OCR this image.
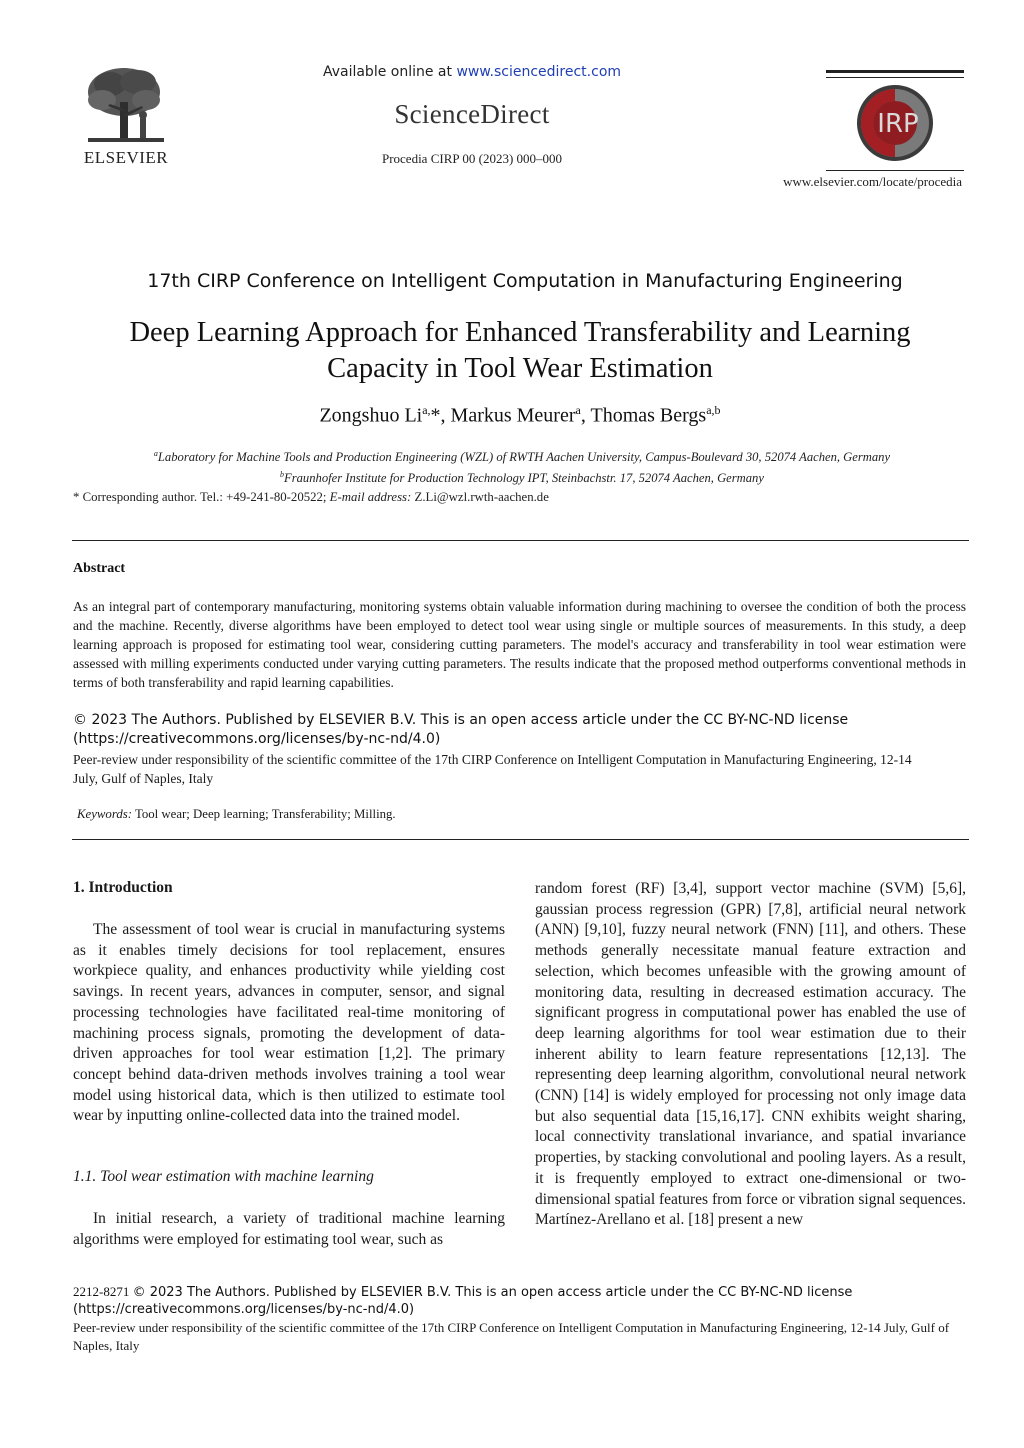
ELSEVIER
Available online at www.sciencedirect.com
ScienceDirect
Procedia CIRP 00 (2023) 000–000
IRP
www.elsevier.com/locate/procedia
17th CIRP Conference on Intelligent Computation in Manufacturing Engineering
Deep Learning Approach for Enhanced Transferability and Learning
Capacity in Tool Wear Estimation
Zongshuo $Li^{a,}*$, Markus Meurer$^a$, Thomas Bergs$^{a,b}$
$^a$Laboratory for Machine Tools and Production Engineering (WZL) of RWTH Aachen University, Campus-Boulevard 30, 52074 Aachen, Germany
$^b$Fraunhofer Institute for Production Technology IPT, Steinbachstr. 17, 52074 Aachen, Germany
* Corresponding author. Tel.: +49-241-80-20522; E-mail address: Z.Li@wzl.rwth-aachen.de
Abstract

As an integral part of contemporary manufacturing, monitoring systems obtain valuable information during machining to oversee the condition of both the process and the machine. Recently, diverse algorithms have been employed to detect tool wear using single or multiple sources of measurements. In this study, a deep learning approach is proposed for estimating tool wear, considering cutting parameters. The model's accuracy and transferability in tool wear estimation were assessed with milling experiments conducted under varying cutting parameters. The results indicate that the proposed method outperforms conventional methods in terms of both transferability and rapid learning capabilities.

© 2023 The Authors. Published by ELSEVIER B.V. This is an open access article under the CC BY-NC-ND license
(https://creativecommons.org/licenses/by-nc-nd/4.0)

Peer-review under responsibility of the scientific committee of the 17th CIRP Conference on Intelligent Computation in Manufacturing Engineering, 12-14 July, Gulf of Naples, Italy

Keywords: Tool wear; Deep learning; Transferability; Milling.
1. Introduction

The assessment of tool wear is crucial in manufacturing systems as it enables timely decisions for tool replacement, ensures workpiece quality, and enhances productivity while yielding cost savings. In recent years, advances in computer, sensor, and signal processing technologies have facilitated real-time monitoring of machining process signals, promoting the development of data-driven approaches for tool wear estimation [1,2]. The primary concept behind data-driven methods involves training a tool wear model using historical data, which is then utilized to estimate tool wear by inputting online-collected data into the trained model.

1.1. Tool wear estimation with machine learning

In initial research, a variety of traditional machine learning algorithms were employed for estimating tool wear, such as

random forest (RF) [3,4], support vector machine (SVM) [5,6], gaussian process regression (GPR) [7,8], artificial neural network (ANN) [9,10], fuzzy neural network (FNN) [11], and others. These methods generally necessitate manual feature extraction and selection, which becomes unfeasible with the growing amount of monitoring data, resulting in decreased estimation accuracy. The significant progress in computational power has enabled the use of deep learning algorithms for tool wear estimation due to their inherent ability to learn feature representations [12,13]. The representing deep learning algorithm, convolutional neural network (CNN) [14] is widely employed for processing not only image data but also sequential data [15,16,17]. CNN exhibits weight sharing, local connectivity translational invariance, and spatial invariance properties, by stacking convolutional and pooling layers. As a result, it is frequently employed to extract one-dimensional or two-dimensional spatial features from force or vibration signal sequences. Martínez-Arellano et al. [18] present a new

2212-8271 © 2023 The Authors. Published by ELSEVIER B.V. This is an open access article under the CC BY-NC-ND license
(https://creativecommons.org/licenses/by-nc-nd/4.0)

Peer-review under responsibility of the scientific committee of the 17th CIRP Conference on Intelligent Computation in Manufacturing Engineering, 12-14 July, Gulf of Naples, Italy
